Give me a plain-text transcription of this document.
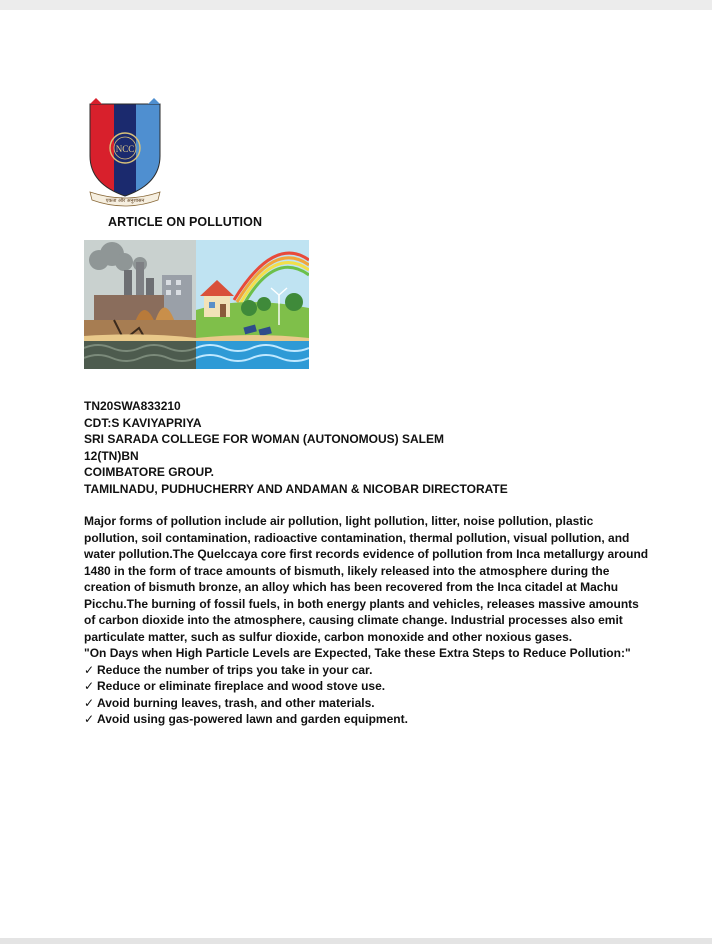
NCC
एकता और अनुशासन
ARTICLE ON POLLUTION
TN20SWA833210
CDT:S KAVIYAPRIYA
SRI SARADA COLLEGE FOR WOMAN (AUTONOMOUS) SALEM
12(TN)BN
COIMBATORE GROUP.
TAMILNADU, PUDHUCHERRY AND ANDAMAN & NICOBAR DIRECTORATE

Major forms of pollution include air pollution, light pollution, litter, noise pollution, plastic pollution, soil contamination, radioactive contamination, thermal pollution, visual pollution, and water pollution.The Quelccaya core first records evidence of pollution from Inca metallurgy around 1480 in the form of trace amounts of bismuth, likely released into the atmosphere during the creation of bismuth bronze, an alloy which has been recovered from the Inca citadel at Machu Picchu.The burning of fossil fuels, in both energy plants and vehicles, releases massive amounts of carbon dioxide into the atmosphere, causing climate change. Industrial processes also emit particulate matter, such as sulfur dioxide, carbon monoxide and other noxious gases.

"On Days when High Particle Levels are Expected, Take these Extra Steps to Reduce Pollution:"

✓ Reduce the number of trips you take in your car.
✓ Reduce or eliminate fireplace and wood stove use.
✓ Avoid burning leaves, trash, and other materials.
✓ Avoid using gas-powered lawn and garden equipment.
